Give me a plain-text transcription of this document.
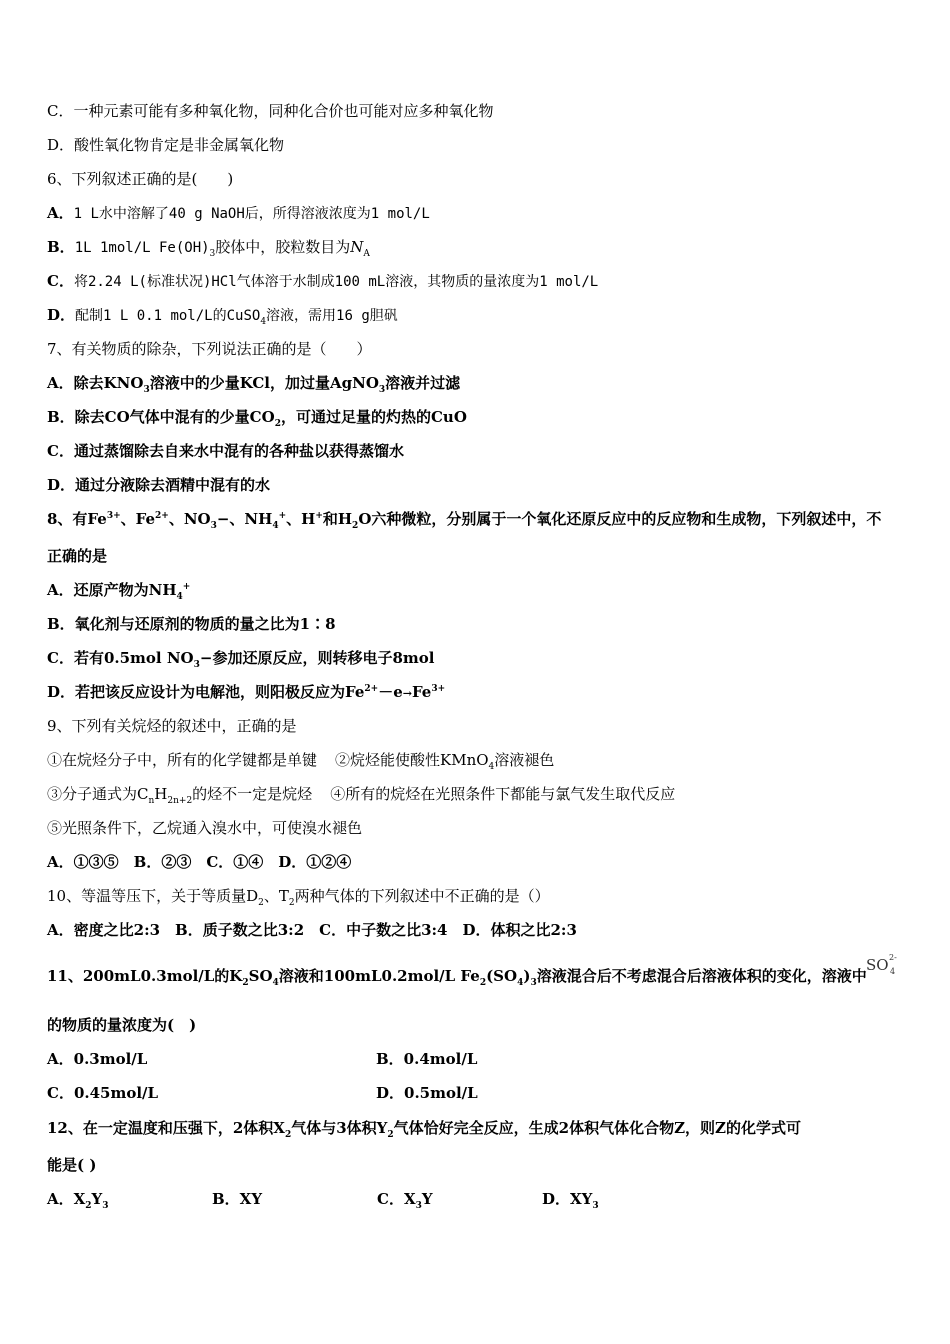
C．一种元素可能有多种氧化物，同种化合价也可能对应多种氧化物
D．酸性氧化物肯定是非金属氧化物
6、下列叙述正确的是(　　)
A．1 L水中溶解了40 g NaOH后，所得溶液浓度为1 mol/L
B．1L 1mol/L $Fe(OH)_3$胶体中，胶粒数目为$N_A$
C．将2.24 L(标准状况)HCl气体溶于水制成100 mL溶液，其物质的量浓度为1 mol/L
D．配制1 L 0.1 mol/L的CuSO$_4$溶液，需用16 g胆矾
7、有关物质的除杂，下列说法正确的是（　　）
A．除去$KNO_3$溶液中的少量KCl，加过量AgNO$_3$溶液并过滤
B．除去CO气体中混有的少量$CO_2$，可通过足量的灼热的CuO
C．通过蒸馏除去自来水中混有的各种盐以获得蒸馏水
D．通过分液除去酒精中混有的水
8、有$Fe^{3+}$、$Fe^{2+}$、$NO_3-$、$NH_4^+$、H+和$H_2O$六种微粒，分别属于一个氧化还原反应中的反应物和生成物，下列叙述中，不
正确的是
A．还原产物为$NH_4^+$
B．氧化剂与还原剂的物质的量之比为1∶8
C．若有0.5mol $NO_3-$参加还原反应，则转移电子8mol
D．若把该反应设计为电解池，则阳极反应为$Fe^{2+}-e\to Fe^{3+}$
9、下列有关烷烃的叙述中，正确的是
①在烷烃分子中，所有的化学键都是单键 ②烷烃能使酸性KMnO$_4$溶液褪色
③分子通式为$C_nH_{2n+2}$的烃不一定是烷烃 ④所有的烷烃在光照条件下都能与氯气发生取代反应
⑤光照条件下，乙烷通入溴水中，可使溴水褪色
A．①③⑤　B．②③　C．①④　D．①②④
10、等温等压下，关于等质量$D_2$、$T_2$两种气体的下列叙述中不正确的是（）
A．密度之比2:3　B．质子数之比3:2　C．中子数之比3:4　D．体积之比2:3
11、200mL0.3mol/L的$K_2SO_4$溶液和100mL0.2mol/L $Fe_2(SO_4)_3$溶液混合后不考虑混合后溶液体积的变化，溶液中
SO 2-
4
的物质的量浓度为(　)
A．0.3mol/L	B．0.4mol/L
C．0.45mol/L	D．0.5mol/L
12、在一定温度和压强下，2体积$X_2$气体与3体积$Y_2$气体恰好完全反应，生成2体积气体化合物Z，则Z的化学式可
能是( )
A．$X_2Y_3$	B．XY	C．$X_3Y$	D．$XY_3$
